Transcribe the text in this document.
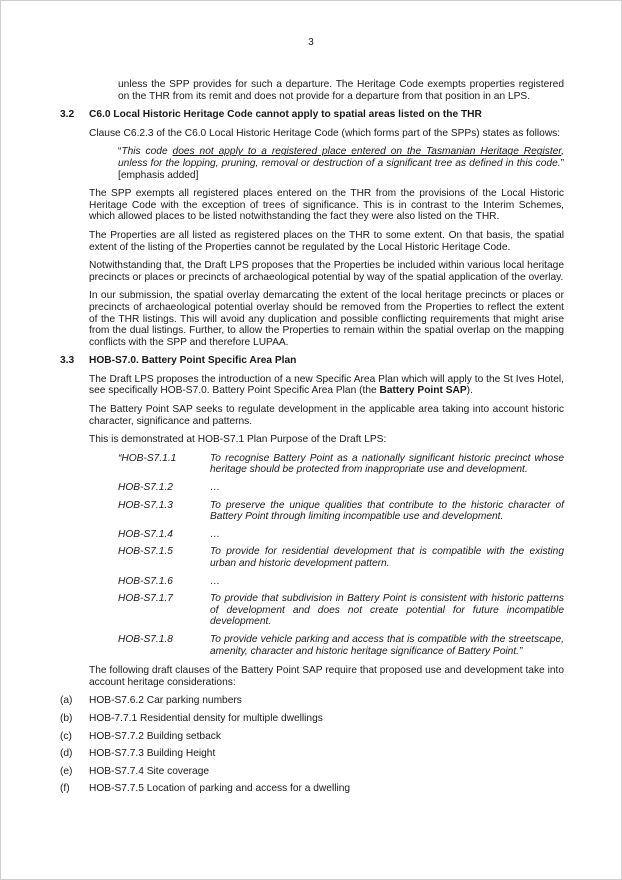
3

unless the SPP provides for such a departure. The Heritage Code exempts properties registered on the THR from its remit and does not provide for a departure from that position in an LPS.

3.2	C6.0 Local Historic Heritage Code cannot apply to spatial areas listed on the THR

Clause C6.2.3 of the C6.0 Local Historic Heritage Code (which forms part of the SPPs) states as follows:

“This code does not apply to a registered place entered on the Tasmanian Heritage Register, unless for the lopping, pruning, removal or destruction of a significant tree as defined in this code.” [emphasis added]

The SPP exempts all registered places entered on the THR from the provisions of the Local Historic Heritage Code with the exception of trees of significance. This is in contrast to the Interim Schemes, which allowed places to be listed notwithstanding the fact they were also listed on the THR.

The Properties are all listed as registered places on the THR to some extent. On that basis, the spatial extent of the listing of the Properties cannot be regulated by the Local Historic Heritage Code.

Notwithstanding that, the Draft LPS proposes that the Properties be included within various local heritage precincts or places or precincts of archaeological potential by way of the spatial application of the overlay.

In our submission, the spatial overlay demarcating the extent of the local heritage precincts or places or precincts of archaeological potential overlay should be removed from the Properties to reflect the extent of the THR listings. This will avoid any duplication and possible conflicting requirements that might arise from the dual listings. Further, to allow the Properties to remain within the spatial overlap on the mapping conflicts with the SPP and therefore LUPAA.

3.3	HOB-S7.0. Battery Point Specific Area Plan

The Draft LPS proposes the introduction of a new Specific Area Plan which will apply to the St Ives Hotel, see specifically HOB-S7.0. Battery Point Specific Area Plan (the Battery Point SAP).

The Battery Point SAP seeks to regulate development in the applicable area taking into account historic character, significance and patterns.

This is demonstrated at HOB-S7.1 Plan Purpose of the Draft LPS:

“HOB-S7.1.1	To recognise Battery Point as a nationally significant historic precinct whose heritage should be protected from inappropriate use and development.
HOB-S7.1.2	…
HOB-S7.1.3	To preserve the unique qualities that contribute to the historic character of Battery Point through limiting incompatible use and development.
HOB-S7.1.4	…
HOB-S7.1.5	To provide for residential development that is compatible with the existing urban and historic development pattern.
HOB-S7.1.6	…
HOB-S7.1.7	To provide that subdivision in Battery Point is consistent with historic patterns of development and does not create potential for future incompatible development.
HOB-S7.1.8	To provide vehicle parking and access that is compatible with the streetscape, amenity, character and historic heritage significance of Battery Point.”

The following draft clauses of the Battery Point SAP require that proposed use and development take into account heritage considerations:

(a)	HOB-S7.6.2 Car parking numbers
(b)	HOB-7.7.1 Residential density for multiple dwellings
(c)	HOB-S7.7.2 Building setback
(d)	HOB-S7.7.3 Building Height
(e)	HOB-S7.7.4 Site coverage
(f)	HOB-S7.7.5 Location of parking and access for a dwelling
